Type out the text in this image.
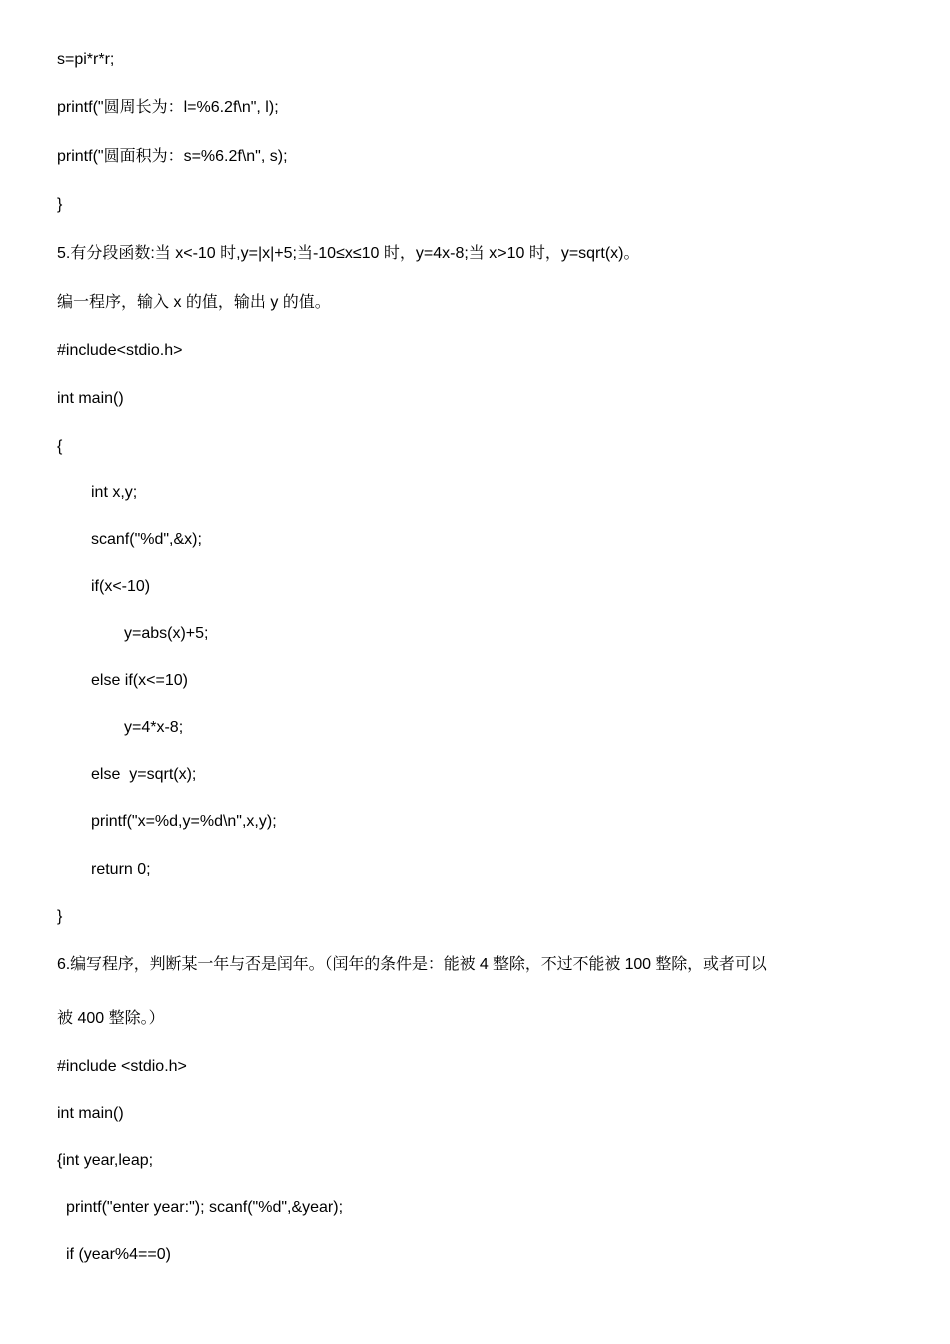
s=pi*r*r;

printf("圆周长为：l=%6.2f\n", l);

printf("圆面积为：s=%6.2f\n", s);

}

5.有分段函数:当 x<-10 时,y=|x|+5;当-10≤x≤10 时，y=4x-8;当 x>10 时，y=sqrt(x)。

编一程序，输入 x 的值，输出 y 的值。

#include<stdio.h>

int main()

{

int x,y;

scanf("%d",&x);

if(x<-10)

y=abs(x)+5;

else if(x<=10)

y=4*x-8;

else  y=sqrt(x);

printf("x=%d,y=%d\n",x,y);

return 0;

}

6.编写程序，判断某一年与否是闰年。（闰年的条件是：能被 4 整除，不过不能被 100 整除，或者可以

被 400 整除。）

#include <stdio.h>

int main()

{int year,leap;

printf("enter year:"); scanf("%d",&year);

if (year%4==0)
